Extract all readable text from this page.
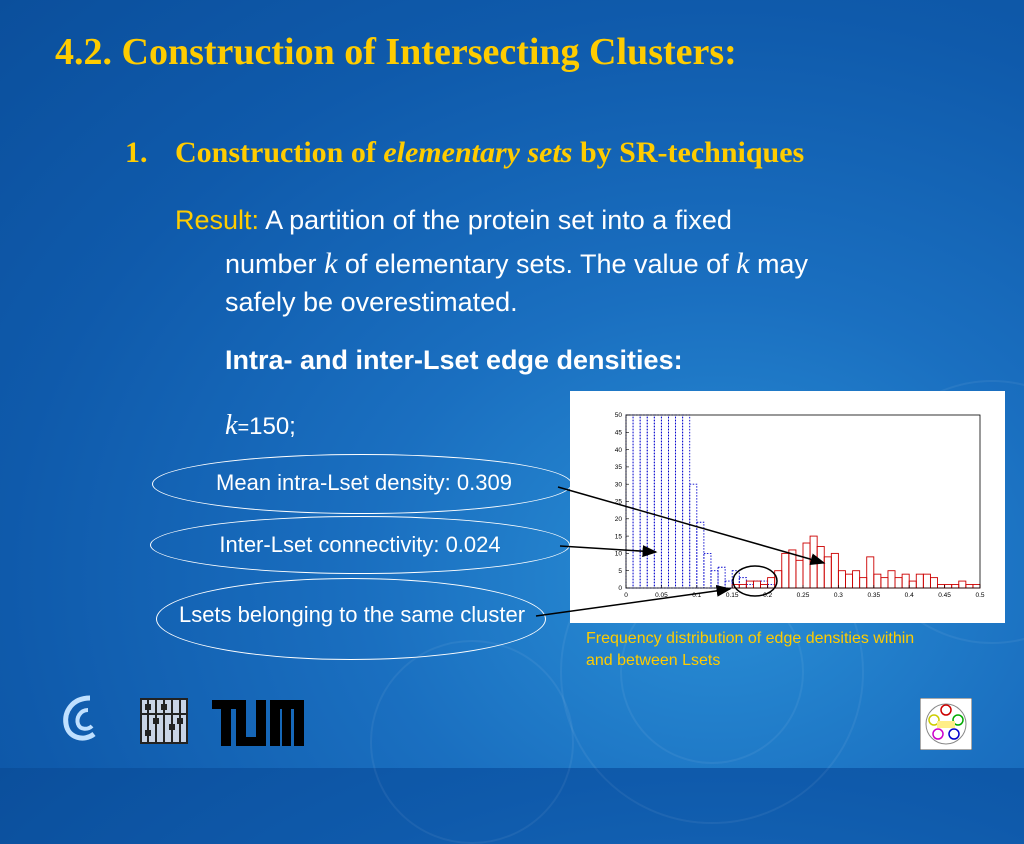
4.2. Construction of Intersecting Clusters:
1. Construction of elementary sets by SR-techniques
Result: A partition of the protein set into a fixed
number k of elementary sets. The value of k may
safely be overestimated.
Intra- and inter-Lset edge densities:
k=150;
Mean intra-Lset density: 0.309
Inter-Lset connectivity: 0.024
Lsets belonging to the same cluster
0	0.05	0.1	0.15	0.2	0.25	0.3	0.35	0.4	0.45	0.5
0
5
10
15
20
25
30
35
40
45
50
Frequency distribution of edge densities within
and between Lsets
